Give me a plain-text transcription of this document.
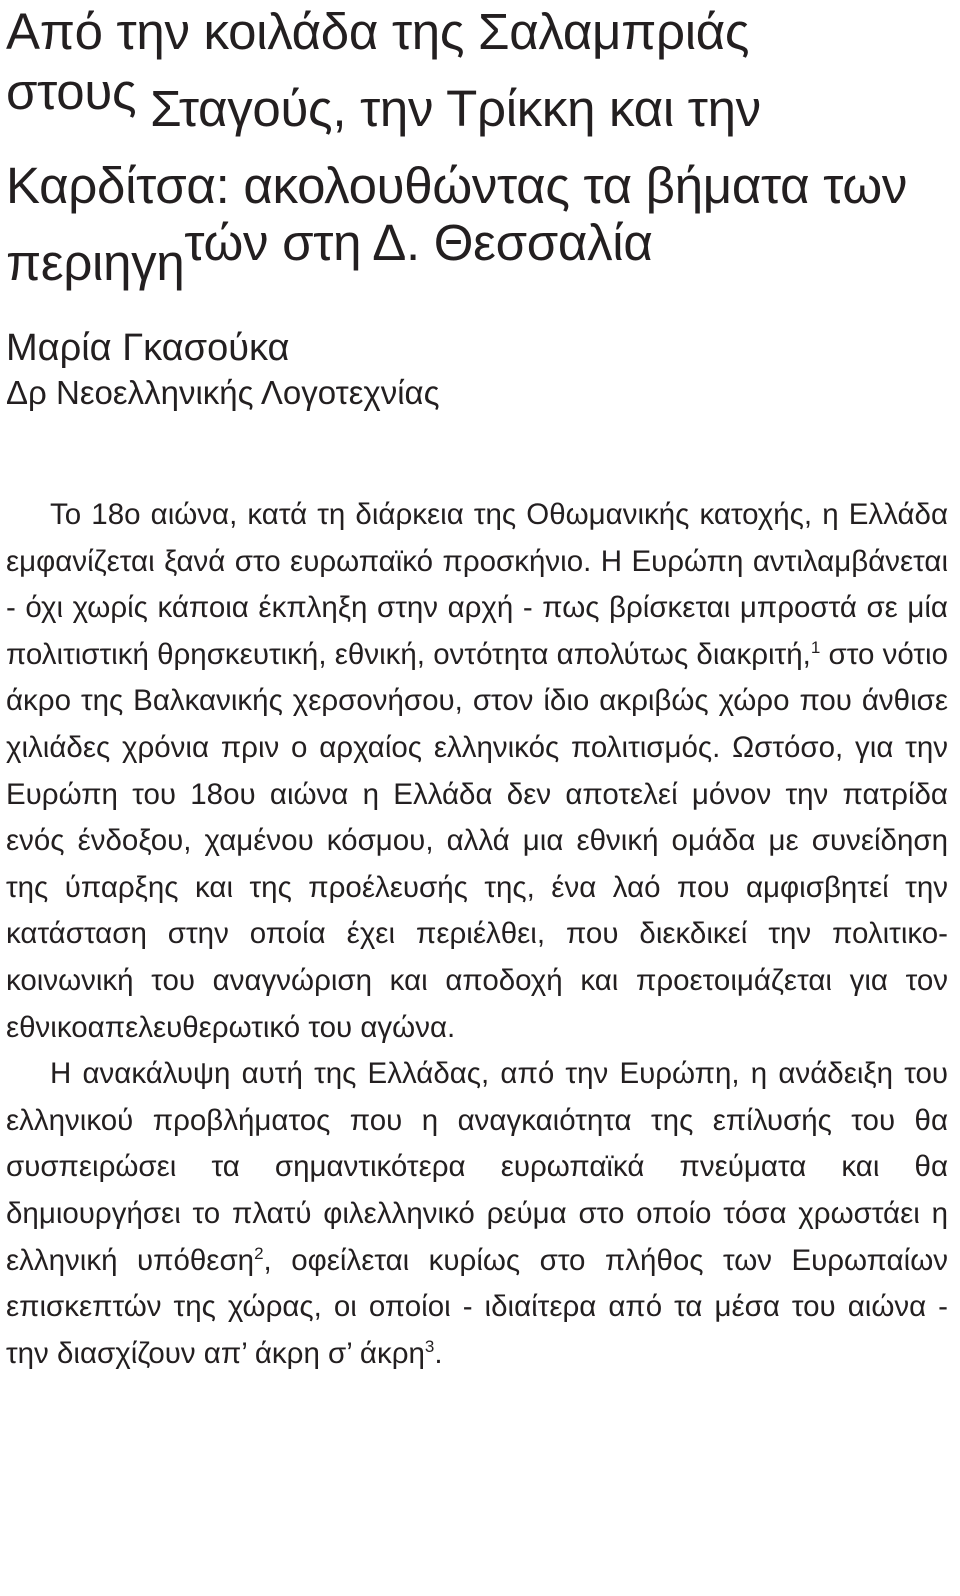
Από την κοιλάδα της Σαλαμπριάς
στους Σταγούς, την Τρίκκη και την
Καρδίτσα: ακολουθώντας τα βήματα των
περιηγητών στη Δ. Θεσσαλία
Μαρία Γκασούκα
Δρ Νεοελληνικής Λογοτεχνίας

Το 18ο αιώνα, κατά τη διάρκεια της Οθωμανικής κατοχής, η Ελλάδα εμφανίζεται ξανά στο ευρωπαϊκό προσκήνιο. Η Ευρώπη αντιλαμβάνεται - όχι χωρίς κάποια έκπληξη στην αρχή - πως βρίσκεται μπροστά σε μία πολιτιστική θρησκευτική, εθνική, οντότητα απολύτως διακριτή,$^1$ στο νότιο άκρο της Βαλκανικής χερσονήσου, στον ίδιο ακριβώς χώρο που άνθισε χιλιάδες χρόνια πριν ο αρχαίος ελληνικός πολιτισμός. Ωστόσο, για την Ευρώπη του 18ου αιώνα η Ελλάδα δεν αποτελεί μόνον την πατρίδα ενός ένδοξου, χαμένου κόσμου, αλλά μια εθνική ομάδα με συνείδηση της ύπαρξης και της προέλευσής της, ένα λαό που αμφισβητεί την κατάσταση στην οποία έχει περιέλθει, που διεκδικεί την πολιτικο-κοινωνική του αναγνώριση και αποδοχή και προετοιμάζεται για τον εθνικοαπελευθερωτικό του αγώνα.

Η ανακάλυψη αυτή της Ελλάδας, από την Ευρώπη, η ανάδειξη του ελληνικού προβλήματος που η αναγκαιότητα της επίλυσής του θα συσπειρώσει τα σημαντικότερα ευρωπαϊκά πνεύματα και θα δημιουργήσει το πλατύ φιλελληνικό ρεύμα στο οποίο τόσα χρωστάει η ελληνική υπόθεση$^2$, οφείλεται κυρίως στο πλήθος των Ευρωπαίων επισκεπτών της χώρας, οι οποίοι - ιδιαίτερα από τα μέσα του αιώνα - την διασχίζουν απ’ άκρη σ’ άκρη$^3$.
